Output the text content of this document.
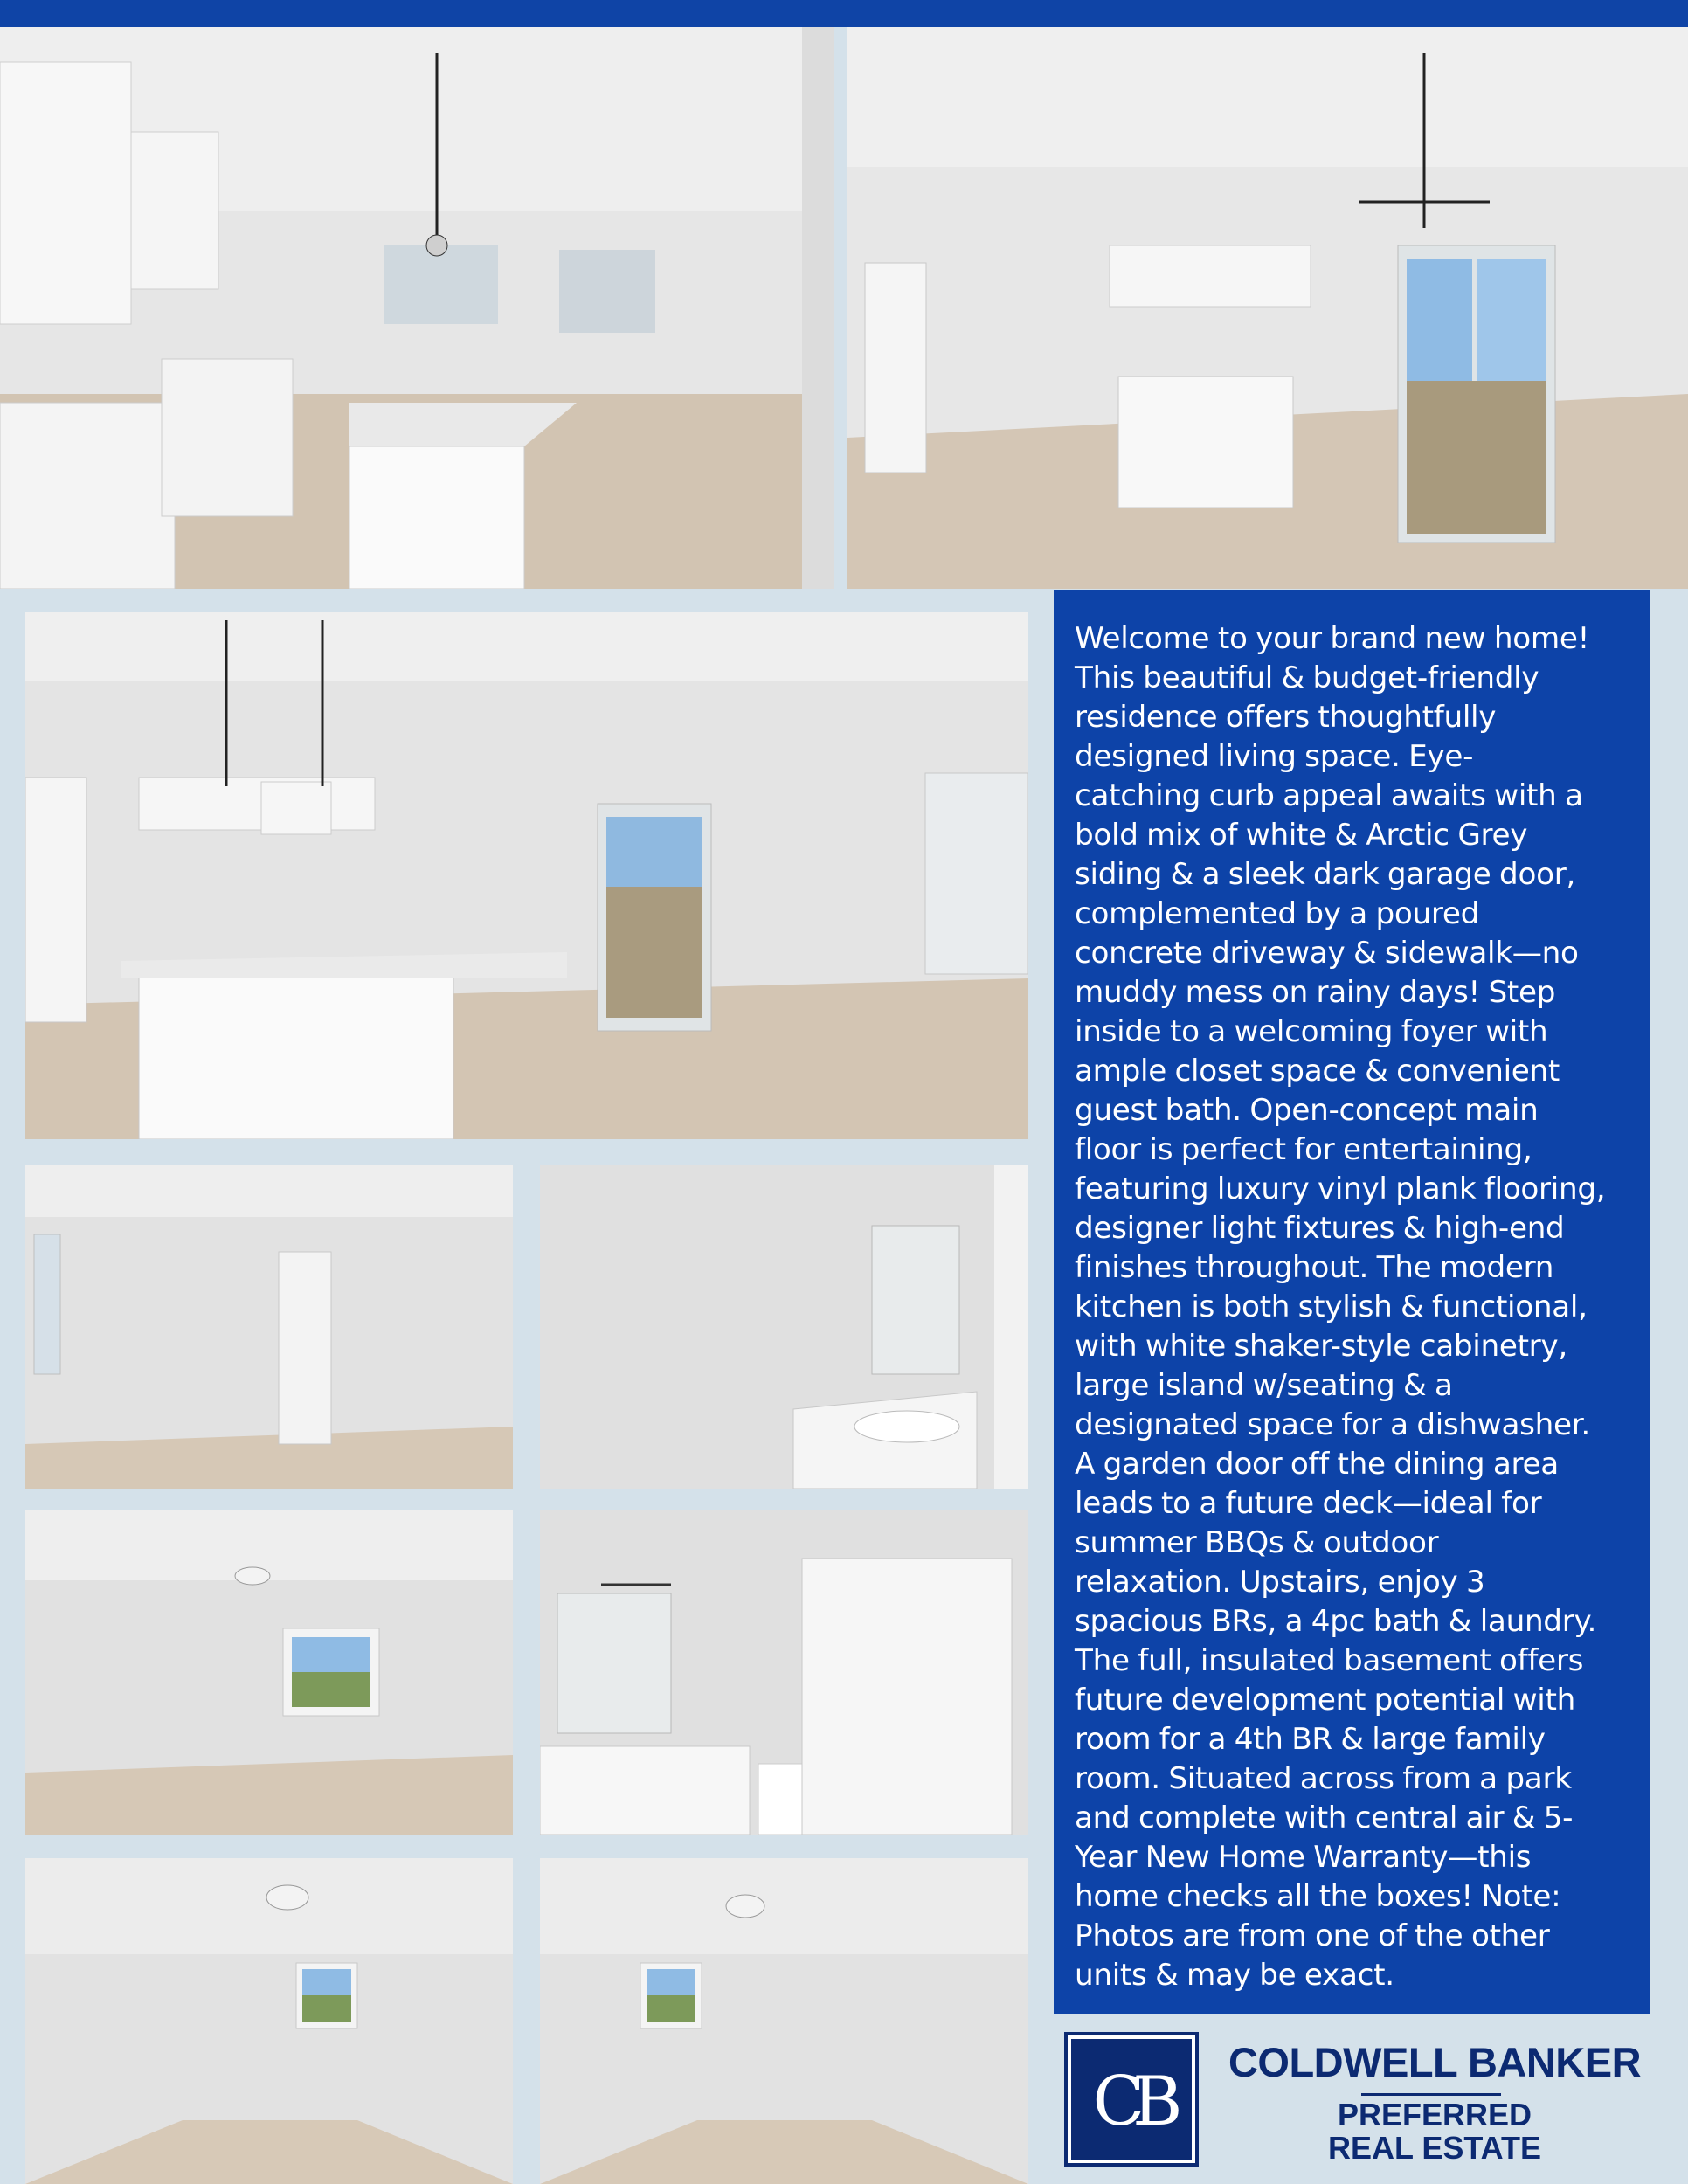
Welcome to your brand new home!
This beautiful & budget-friendly
residence offers thoughtfully
designed living space. Eye-
catching curb appeal awaits with a
bold mix of white & Arctic Grey
siding & a sleek dark garage door,
complemented by a poured
concrete driveway & sidewalk—no
muddy mess on rainy days! Step
inside to a welcoming foyer with
ample closet space & convenient
guest bath. Open-concept main
floor is perfect for entertaining,
featuring luxury vinyl plank flooring,
designer light fixtures & high-end
finishes throughout. The modern
kitchen is both stylish & functional,
with white shaker-style cabinetry,
large island w/seating & a
designated space for a dishwasher.
A garden door off the dining area
leads to a future deck—ideal for
summer BBQs & outdoor
relaxation. Upstairs, enjoy 3
spacious BRs, a 4pc bath & laundry.
The full, insulated basement offers
future development potential with
room for a 4th BR & large family
room. Situated across from a park
and complete with central air & 5-
Year New Home Warranty—this
home checks all the boxes! Note:
Photos are from one of the other
units & may be exact.

CB
COLDWELL BANKER
PREFERRED
REAL ESTATE
